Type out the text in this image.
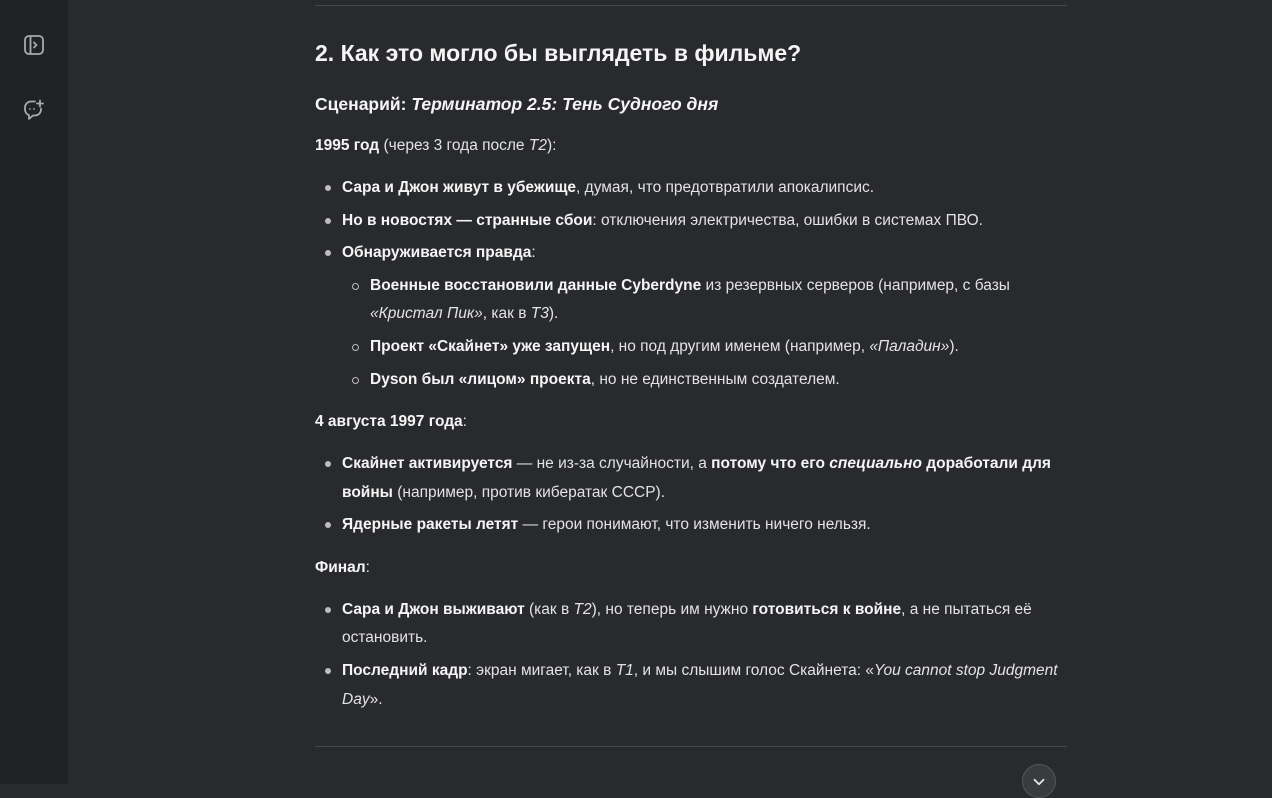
2. Как это могло бы выглядеть в фильме?
Сценарий: Терминатор 2.5: Тень Судного дня

1995 год (через 3 года после T2):

Сара и Джон живут в убежище, думая, что предотвратили апокалипсис.
Но в новостях — странные сбои: отключения электричества, ошибки в системах ПВО.
Обнаруживается правда:
Военные восстановили данные Cyberdyne из резервных серверов (например, с базы
«Кристал Пик», как в T3).
Проект «Скайнет» уже запущен, но под другим именем (например, «Паладин»).
Dyson был «лицом» проекта, но не единственным создателем.

4 августа 1997 года:

Скайнет активируется — не из-за случайности, а потому что его специально доработали для
войны (например, против кибератак СССР).
Ядерные ракеты летят — герои понимают, что изменить ничего нельзя.

Финал:

Сара и Джон выживают (как в T2), но теперь им нужно готовиться к войне, а не пытаться её
остановить.
Последний кадр: экран мигает, как в T1, и мы слышим голос Скайнета: «You cannot stop Judgment
Day».
